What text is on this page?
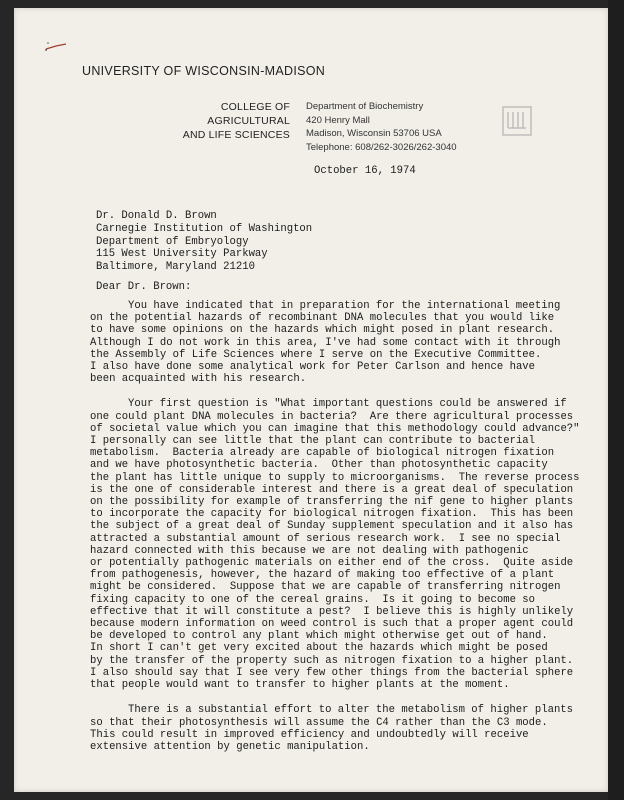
UNIVERSITY OF WISCONSIN-MADISON
COLLEGE OF AGRICULTURAL
AND LIFE SCIENCES
Department of Biochemistry
420 Henry Mall
Madison, Wisconsin 53706 USA
Telephone: 608/262-3026/262-3040
October 16, 1974
Dr. Donald D. Brown
Carnegie Institution of Washington
Department of Embryology
115 West University Parkway
Baltimore, Maryland 21210
Dear Dr. Brown:
You have indicated that in preparation for the international meeting
on the potential hazards of recombinant DNA molecules that you would like
to have some opinions on the hazards which might posed in plant research.
Although I do not work in this area, I've had some contact with it through
the Assembly of Life Sciences where I serve on the Executive Committee.
I also have done some analytical work for Peter Carlson and hence have
been acquainted with his research.
Your first question is "What important questions could be answered if
one could plant DNA molecules in bacteria?  Are there agricultural processes
of societal value which you can imagine that this methodology could advance?"
I personally can see little that the plant can contribute to bacterial
metabolism.  Bacteria already are capable of biological nitrogen fixation
and we have photosynthetic bacteria.  Other than photosynthetic capacity
the plant has little unique to supply to microorganisms.  The reverse process
is the one of considerable interest and there is a great deal of speculation
on the possibility for example of transferring the nif gene to higher plants
to incorporate the capacity for biological nitrogen fixation.  This has been
the subject of a great deal of Sunday supplement speculation and it also has
attracted a substantial amount of serious research work.  I see no special
hazard connected with this because we are not dealing with pathogenic
or potentially pathogenic materials on either end of the cross.  Quite aside
from pathogenesis, however, the hazard of making too effective of a plant
might be considered.  Suppose that we are capable of transferring nitrogen
fixing capacity to one of the cereal grains.  Is it going to become so
effective that it will constitute a pest?  I believe this is highly unlikely
because modern information on weed control is such that a proper agent could
be developed to control any plant which might otherwise get out of hand.
In short I can't get very excited about the hazards which might be posed
by the transfer of the property such as nitrogen fixation to a higher plant.
I also should say that I see very few other things from the bacterial sphere
that people would want to transfer to higher plants at the moment.
There is a substantial effort to alter the metabolism of higher plants
so that their photosynthesis will assume the C4 rather than the C3 mode.
This could result in improved efficiency and undoubtedly will receive
extensive attention by genetic manipulation.
